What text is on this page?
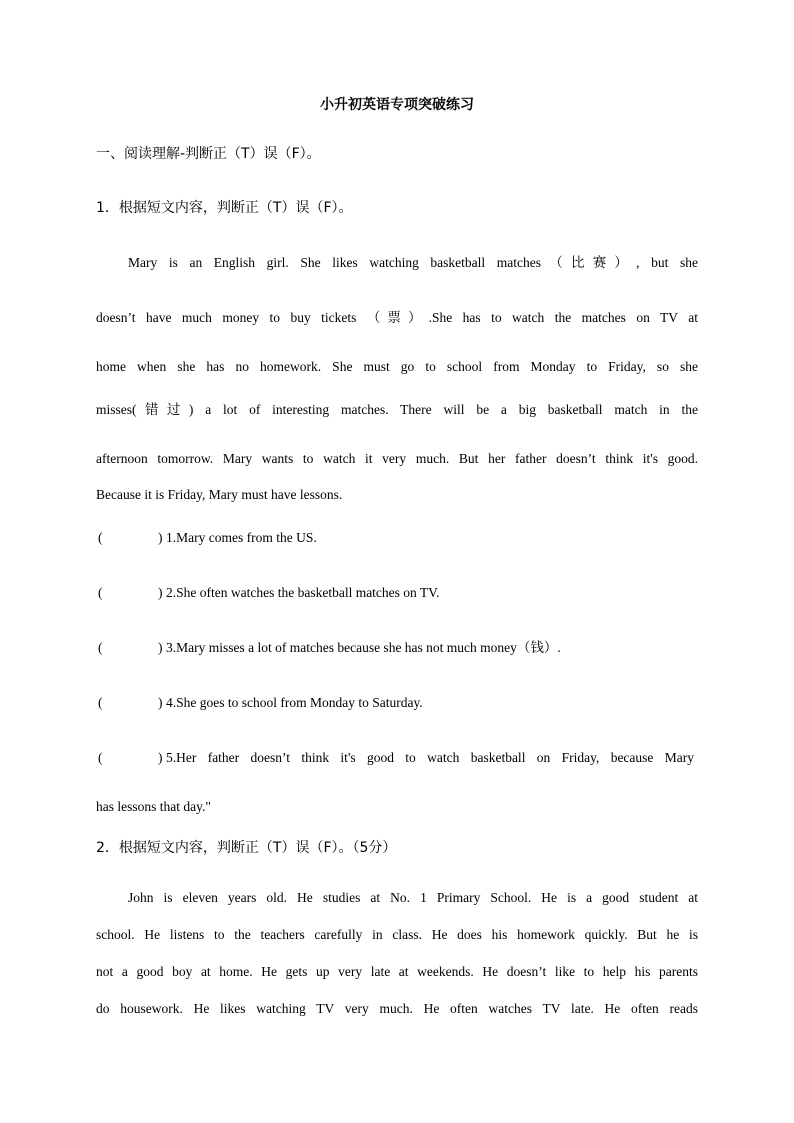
小升初英语专项突破练习
一、阅读理解-判断正（T）误（F）。
1．根据短文内容，判断正（T）误（F）。
Mary is an English girl. She likes watching basketball matches（比赛）, but she
doesn’t have much money to buy tickets （票）.She has to watch the matches on TV at
home when she has no homework. She must go to school from Monday to Friday, so she
misses(错过) a lot of interesting matches. There will be a big basketball match in the
afternoon tomorrow. Mary wants to watch it very much. But her father doesn’t think it's good.
Because it is Friday, Mary must have lessons.
(	) 1.Mary comes from the US.
(	) 2.She often watches the basketball matches on TV.
(	) 3.Mary misses a lot of matches because she has not much money（钱）.
(	) 4.She goes to school from Monday to Saturday.
(	) 5.Her father doesn’t think it's good to watch basketball on Friday, because Mary
has lessons that day."
2．根据短文内容，判断正（T）误（F）。（5分）
John is eleven years old. He studies at No. 1 Primary School. He is a good student at
school. He listens to the teachers carefully in class. He does his homework quickly. But he is
not a good boy at home. He gets up very late at weekends. He doesn’t like to help his parents
do housework. He likes watching TV very much. He often watches TV late. He often reads
